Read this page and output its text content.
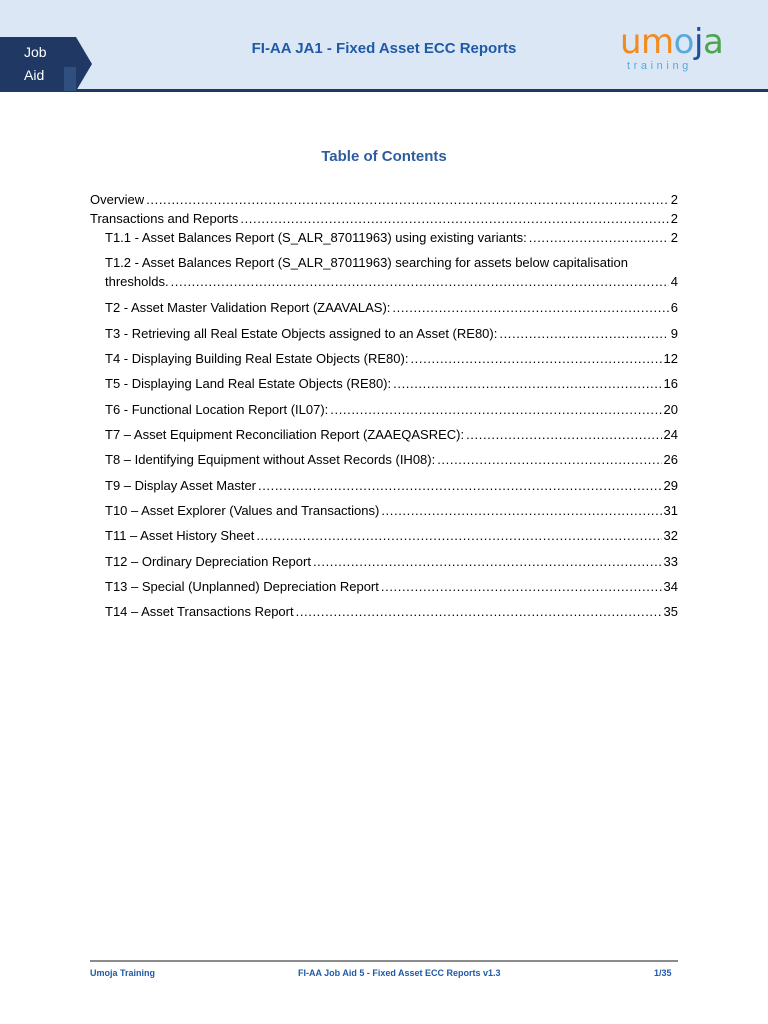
Job
Aid
FI-AA JA1 - Fixed Asset ECC Reports	umoja
training
Table of Contents
Overview .....	2
Transactions and Reports .....	2
T1.1 - Asset Balances Report (S_ALR_87011963) using existing variants: .....	2
T1.2 - Asset Balances Report (S_ALR_87011963) searching for assets below capitalisation
thresholds. .....	4
T2 - Asset Master Validation Report (ZAAVALAS): .....	6
T3 - Retrieving all Real Estate Objects assigned to an Asset (RE80): .....	9
T4 - Displaying Building Real Estate Objects (RE80): .....	12
T5 - Displaying Land Real Estate Objects (RE80): .....	16
T6 - Functional Location Report (IL07): .....	20
T7 – Asset Equipment Reconciliation Report (ZAAEQASREC): .....	24
T8 – Identifying Equipment without Asset Records (IH08): .....	26
T9 – Display Asset Master .....	29
T10 – Asset Explorer (Values and Transactions) .....	31
T11 – Asset History Sheet .....	32
T12 – Ordinary Depreciation Report .....	33
T13 – Special (Unplanned) Depreciation Report .....	34
T14 – Asset Transactions Report .....	35
Umoja Training	FI-AA Job Aid 5 - Fixed Asset ECC Reports v1.3	1/35
